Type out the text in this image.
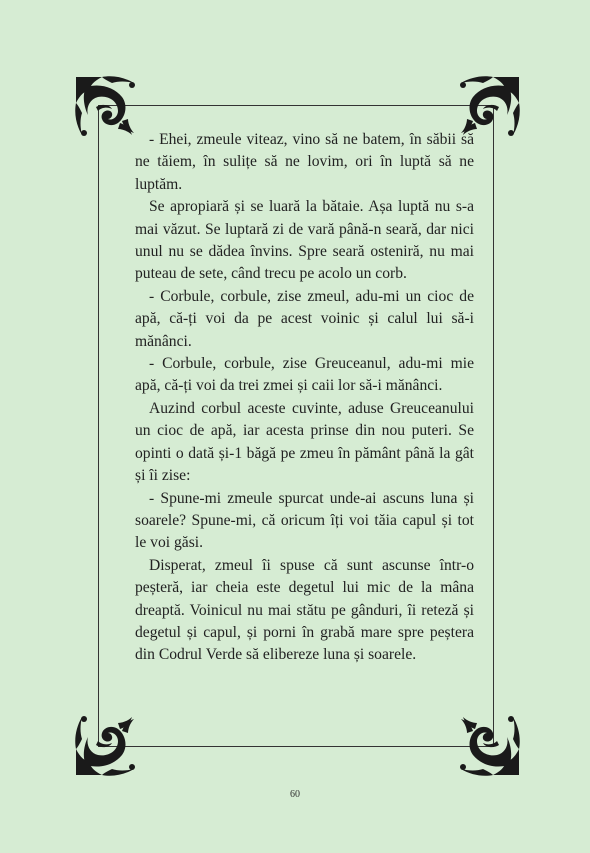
- Ehei, zmeule viteaz, vino să ne batem, în săbii să ne tăiem, în sulițe să ne lovim, ori în luptă să ne luptăm.

Se apropiară și se luară la bătaie. Așa luptă nu s-a mai văzut. Se luptară zi de vară până-n seară, dar nici unul nu se dădea învins. Spre seară osteniră, nu mai puteau de sete, când trecu pe acolo un corb.

- Corbule, corbule, zise zmeul, adu-mi un cioc de apă, că-ți voi da pe acest voinic și calul lui să-i mănânci.

- Corbule, corbule, zise Greuceanul, adu-mi mie apă, că-ți voi da trei zmei și caii lor să-i mănânci.

Auzind corbul aceste cuvinte, aduse Greuceanului un cioc de apă, iar acesta prinse din nou puteri. Se opinti o dată și-1 băgă pe zmeu în pământ până la gât și îi zise:

- Spune-mi zmeule spurcat unde-ai ascuns luna și soarele? Spune-mi, că oricum îți voi tăia capul și tot le voi găsi.

Disperat, zmeul îi spuse că sunt ascunse într-o peșteră, iar cheia este degetul lui mic de la mâna dreaptă. Voinicul nu mai stătu pe gânduri, îi reteză și degetul și capul, și porni în grabă mare spre peștera din Codrul Verde să elibereze luna și soarele.

60
